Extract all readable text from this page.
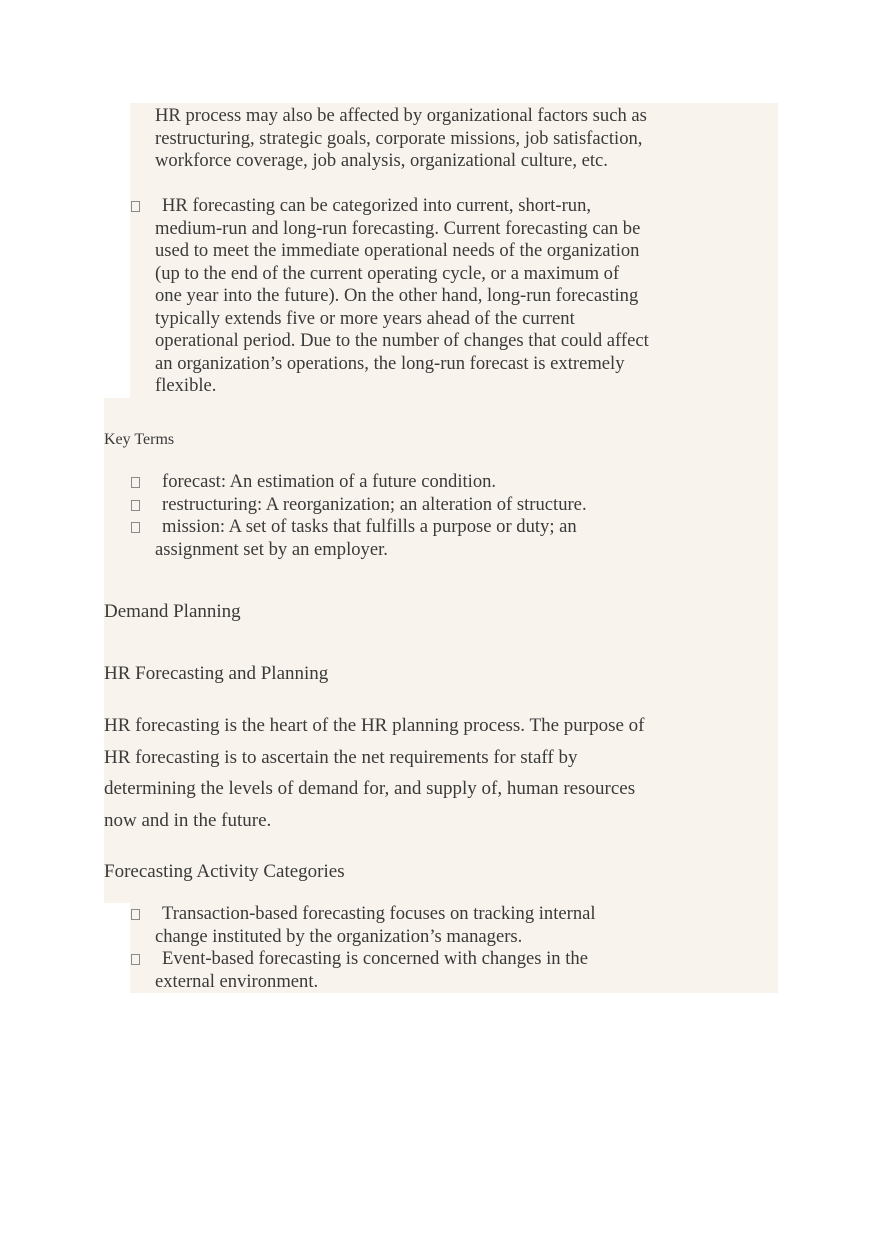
HR process may also be affected by organizational factors such as restructuring, strategic goals, corporate missions, job satisfaction, workforce coverage, job analysis, organizational culture, etc.
HR forecasting can be categorized into current, short-run, medium-run and long-run forecasting. Current forecasting can be used to meet the immediate operational needs of the organization (up to the end of the current operating cycle, or a maximum of one year into the future). On the other hand, long-run forecasting typically extends five or more years ahead of the current operational period. Due to the number of changes that could affect an organization’s operations, the long-run forecast is extremely flexible.
Key Terms
forecast: An estimation of a future condition.
restructuring: A reorganization; an alteration of structure.
mission: A set of tasks that fulfills a purpose or duty; an assignment set by an employer.
Demand Planning
HR Forecasting and Planning
HR forecasting is the heart of the HR planning process. The purpose of HR forecasting is to ascertain the net requirements for staff by determining the levels of demand for, and supply of, human resources now and in the future.
Forecasting Activity Categories
Transaction-based forecasting focuses on tracking internal change instituted by the organization’s managers.
Event-based forecasting is concerned with changes in the external environment.
